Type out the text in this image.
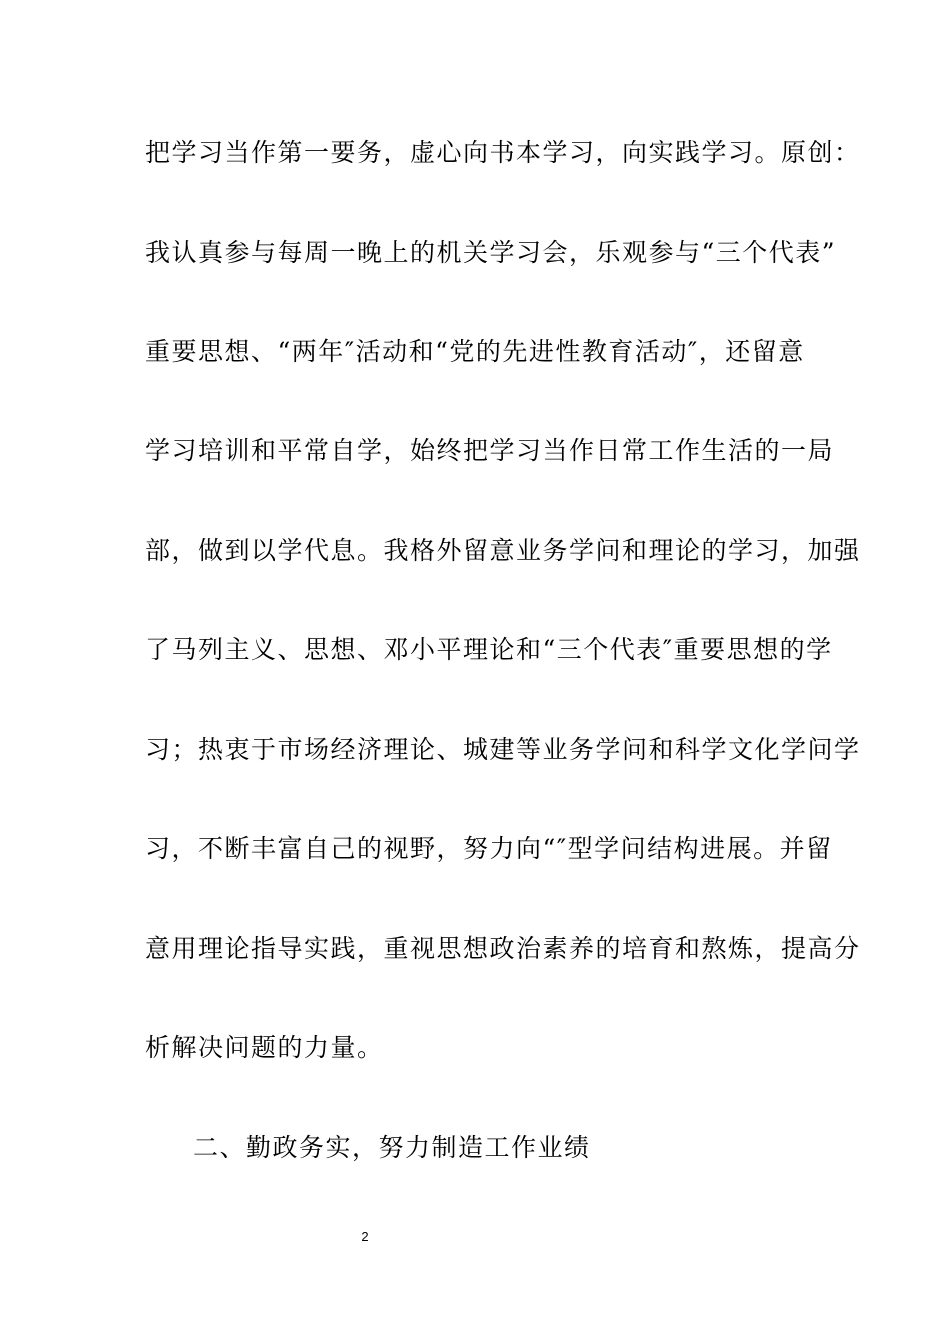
把学习当作第一要务，虚心向书本学习，向实践学习。原创：
我认真参与每周一晚上的机关学习会，乐观参与“三个代表”
重要思想、“两年″活动和“党的先进性教育活动″，还留意
学习培训和平常自学，始终把学习当作日常工作生活的一局
部，做到以学代息。我格外留意业务学问和理论的学习，加强
了马列主义、思想、邓小平理论和“三个代表″重要思想的学
习；热衷于市场经济理论、城建等业务学问和科学文化学问学
习，不断丰富自己的视野，努力向“″型学问结构进展。并留
意用理论指导实践，重视思想政治素养的培育和熬炼，提高分
析解决问题的力量。
二、勤政务实，努力制造工作业绩
2
